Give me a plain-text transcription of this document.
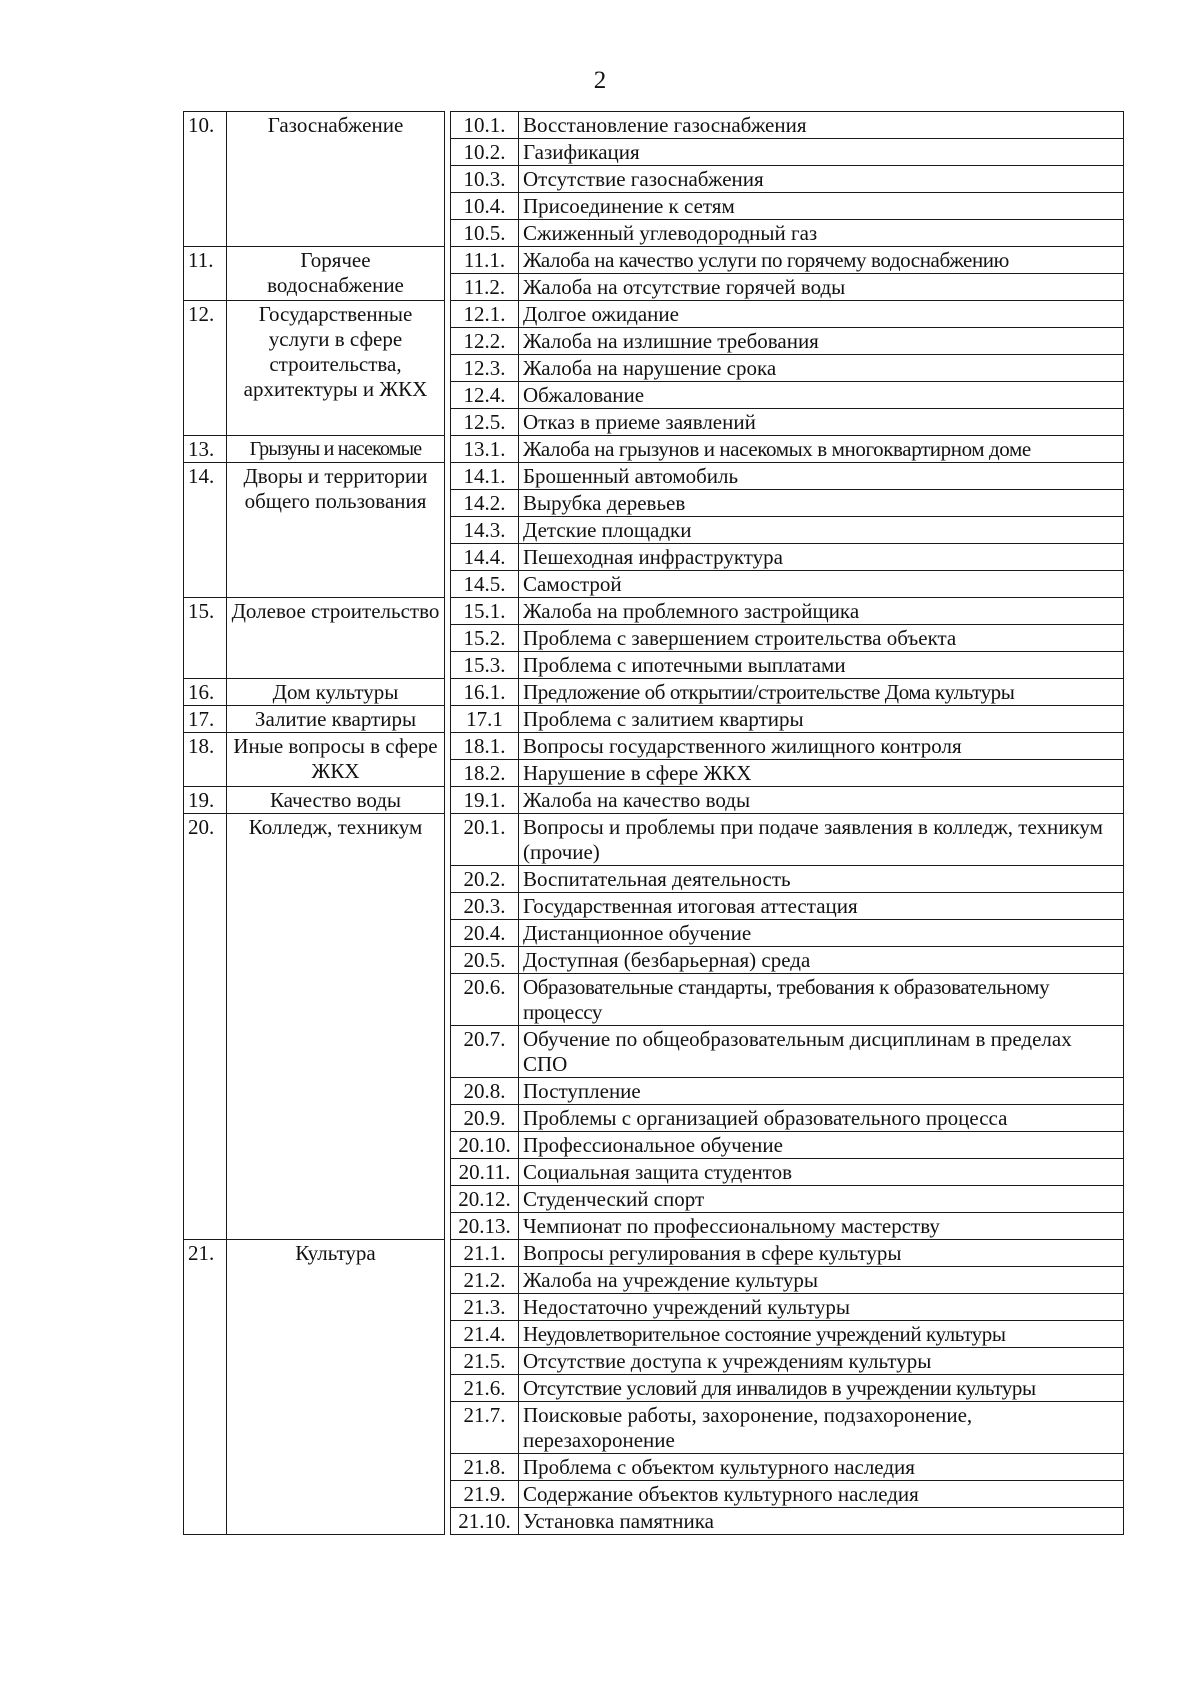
2
10.	Газоснабжение		10.1.	Восстановление газоснабжения
			10.2.	Газификация
			10.3.	Отсутствие газоснабжения
			10.4.	Присоединение к сетям
			10.5.	Сжиженный углеводородный газ
11.	Горячее водоснабжение		11.1.	Жалоба на качество услуги по горячему водоснабжению
			11.2.	Жалоба на отсутствие горячей воды
12.	Государственные услуги в сфере строительства, архитектуры и ЖКХ		12.1.	Долгое ожидание
			12.2.	Жалоба на излишние требования
			12.3.	Жалоба на нарушение срока
			12.4.	Обжалование
			12.5.	Отказ в приеме заявлений
13.	Грызуны и насекомые		13.1.	Жалоба на грызунов и насекомых в многоквартирном доме
14.	Дворы и территории общего пользования		14.1.	Брошенный автомобиль
			14.2.	Вырубка деревьев
			14.3.	Детские площадки
			14.4.	Пешеходная инфраструктура
			14.5.	Самострой
15.	Долевое строительство		15.1.	Жалоба на проблемного застройщика
			15.2.	Проблема с завершением строительства объекта
			15.3.	Проблема с ипотечными выплатами
16.	Дом культуры		16.1.	Предложение об открытии/строительстве Дома культуры
17.	Залитие квартиры		17.1	Проблема с залитием квартиры
18.	Иные вопросы в сфере ЖКХ		18.1.	Вопросы государственного жилищного контроля
			18.2.	Нарушение в сфере ЖКХ
19.	Качество воды		19.1.	Жалоба на качество воды
20.	Колледж, техникум		20.1.	Вопросы и проблемы при подаче заявления в колледж, техникум (прочие)
			20.2.	Воспитательная деятельность
			20.3.	Государственная итоговая аттестация
			20.4.	Дистанционное обучение
			20.5.	Доступная (безбарьерная) среда
			20.6.	Образовательные стандарты, требования к образовательному процессу
			20.7.	Обучение по общеобразовательным дисциплинам в пределах СПО
			20.8.	Поступление
			20.9.	Проблемы с организацией образовательного процесса
			20.10.	Профессиональное обучение
			20.11.	Социальная защита студентов
			20.12.	Студенческий спорт
			20.13.	Чемпионат по профессиональному мастерству
21.	Культура		21.1.	Вопросы регулирования в сфере культуры
			21.2.	Жалоба на учреждение культуры
			21.3.	Недостаточно учреждений культуры
			21.4.	Неудовлетворительное состояние учреждений культуры
			21.5.	Отсутствие доступа к учреждениям культуры
			21.6.	Отсутствие условий для инвалидов в учреждении культуры
			21.7.	Поисковые работы, захоронение, подзахоронение, перезахоронение
			21.8.	Проблема с объектом культурного наследия
			21.9.	Содержание объектов культурного наследия
			21.10.	Установка памятника
